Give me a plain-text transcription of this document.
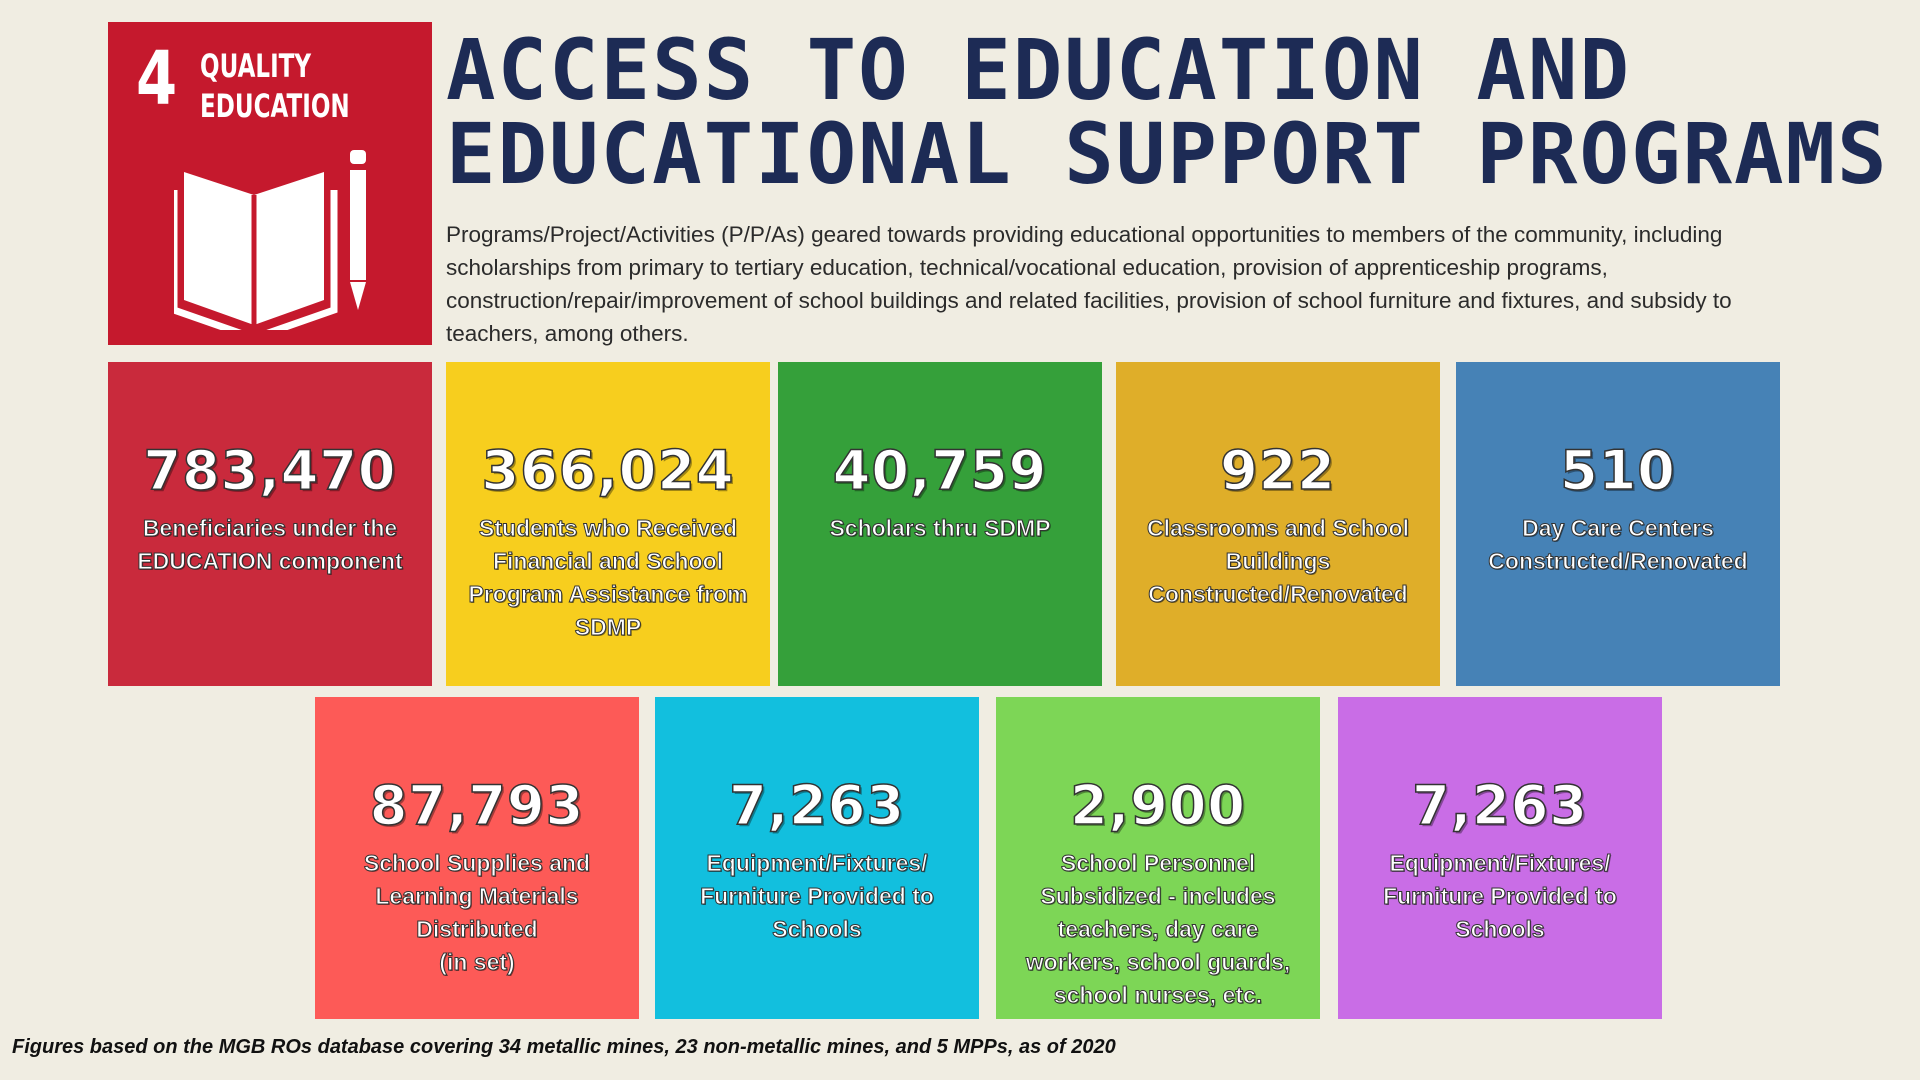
4 QUALITY
EDUCATION ACCESS TO EDUCATION AND
EDUCATIONAL SUPPORT PROGRAMS
Programs/Project/Activities (P/P/As) geared towards providing educational opportunities to members of the community, including scholarships from primary to tertiary education, technical/vocational education, provision of apprenticeship programs, construction/repair/improvement of school buildings and related facilities, provision of school furniture and fixtures, and subsidy to teachers, among others.
783,470
Beneficiaries under the
EDUCATION component
366,024
Students who Received
Financial and School
Program Assistance from
SDMP
40,759
Scholars thru SDMP
922
Classrooms and School
Buildings
Constructed/Renovated
510
Day Care Centers
Constructed/Renovated
87,793
School Supplies and
Learning Materials
Distributed
(in set)
7,263
Equipment/Fixtures/
Furniture Provided to
Schools
2,900
School Personnel
Subsidized - includes
teachers, day care
workers, school guards,
school nurses, etc.
7,263
Equipment/Fixtures/
Furniture Provided to
Schools
Figures based on the MGB ROs database covering 34 metallic mines, 23 non-metallic mines, and 5 MPPs, as of 2020
